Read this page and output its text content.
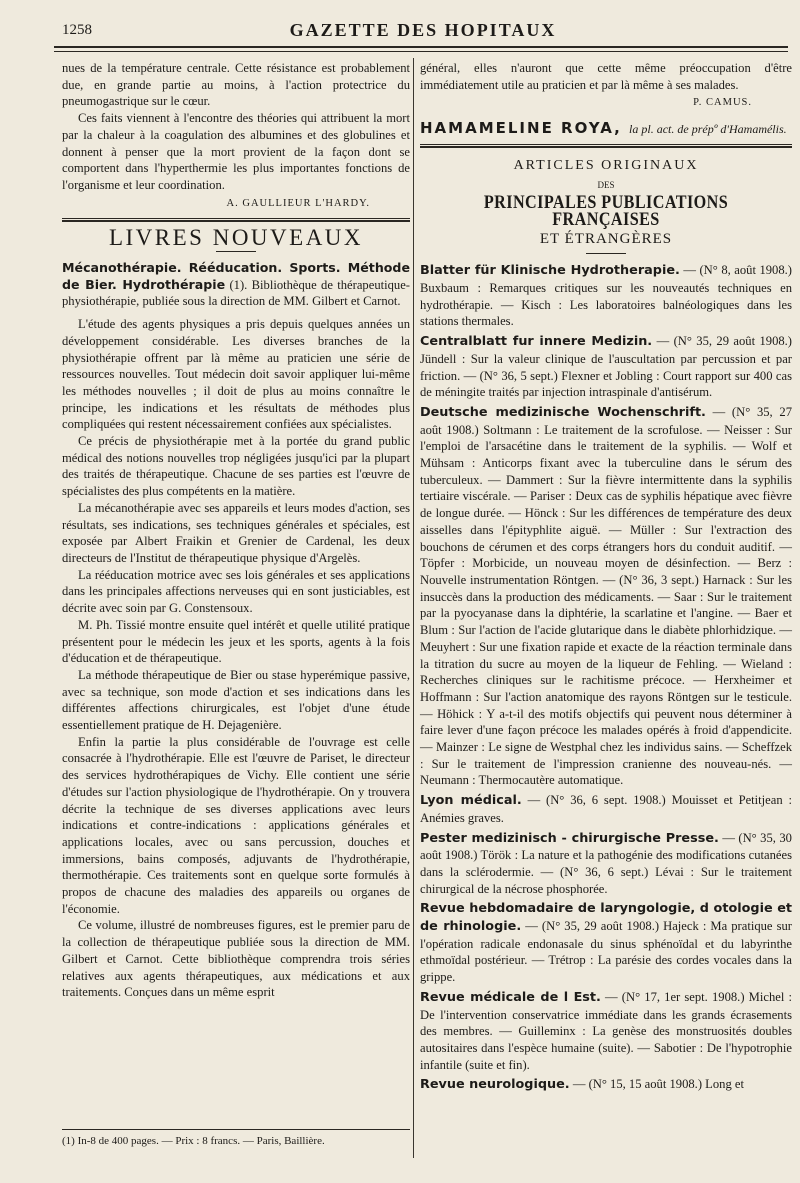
1258	GAZETTE DES HOPITAUX

nues de la température centrale. Cette résistance est probablement due, en grande partie au moins, à l'action protectrice du pneumogastrique sur le cœur.

Ces faits viennent à l'encontre des théories qui attribuent la mort par la chaleur à la coagulation des albumines et des globulines et donnent à penser que la mort provient de la façon dont se comportent dans l'hyperthermie les plus importantes fonctions de l'organisme et leur coordination.

A. GAULLIEUR L'HARDY.
LIVRES NOUVEAUX

Mécanothérapie. Rééducation. Sports. Méthode de Bier. Hydrothérapie (1). Bibliothèque de thérapeutique-physiothérapie, publiée sous la direction de MM. Gilbert et Carnot.

L'étude des agents physiques a pris depuis quelques années un développement considérable. Les diverses branches de la physiothérapie offrent par là même au praticien une série de ressources nouvelles. Tout médecin doit savoir appliquer lui-même les méthodes nouvelles ; il doit de plus au moins connaître le principe, les indications et les résultats de méthodes plus compliquées qui restent nécessairement confiées aux spécialistes.

Ce précis de physiothérapie met à la portée du grand public médical des notions nouvelles trop négligées jusqu'ici par la plupart des traités de thérapeutique. Chacune de ses parties est l'œuvre de spécialistes des plus compétents en la matière.

La mécanothérapie avec ses appareils et leurs modes d'action, ses résultats, ses indications, ses techniques générales et spéciales, est exposée par Albert Fraikin et Grenier de Cardenal, les deux directeurs de l'Institut de thérapeutique physique d'Argelès.

La rééducation motrice avec ses lois générales et ses applications dans les principales affections nerveuses qui en sont justiciables, est décrite avec soin par G. Constensoux.

M. Ph. Tissié montre ensuite quel intérêt et quelle utilité pratique présentent pour le médecin les jeux et les sports, agents à la fois d'éducation et de thérapeutique.

La méthode thérapeutique de Bier ou stase hyperémique passive, avec sa technique, son mode d'action et ses indications dans les différentes affections chirurgicales, est l'objet d'une étude essentiellement pratique de H. Dejagenière.

Enfin la partie la plus considérable de l'ouvrage est celle consacrée à l'hydrothérapie. Elle est l'œuvre de Pariset, le directeur des services hydrothérapiques de Vichy. Elle contient une série d'études sur l'action physiologique de l'hydrothérapie. On y trouvera décrite la technique de ses diverses applications avec leurs indications et contre-indications : applications générales et applications locales, avec ou sans percussion, douches et immersions, bains composés, adjuvants de l'hydrothérapie, thermothérapie. Ces traitements sont en quelque sorte formulés à propos de chacune des maladies des appareils ou organes de l'économie.

Ce volume, illustré de nombreuses figures, est le premier paru de la collection de thérapeutique publiée sous la direction de MM. Gilbert et Carnot. Cette bibliothèque comprendra trois séries relatives aux agents thérapeutiques, aux médications et aux traitements. Conçues dans un même esprit

(1) In-8 de 400 pages. — Prix : 8 francs. — Paris, Baillière.

général, elles n'auront que cette même préoccupation d'être immédiatement utile au praticien et par là même à ses malades.

P. CAMUS.
HAMAMELINE ROYA, la pl. act. de prépº d'Hamamélis.
ARTICLES ORIGINAUX
DES
PRINCIPALES PUBLICATIONS FRANÇAISES
ET ÉTRANGÈRES

Blatter für Klinische Hydrotherapie. — (N° 8, août 1908.) Buxbaum : Remarques critiques sur les nouveautés techniques en hydrothérapie. — Kisch : Les laboratoires balnéologiques dans les stations thermales.

Centralblatt fur innere Medizin. — (N° 35, 29 août 1908.) Jündell : Sur la valeur clinique de l'auscultation par percussion et par friction. — (N° 36, 5 sept.) Flexner et Jobling : Court rapport sur 400 cas de méningite traités par injection intraspinale d'antisérum.

Deutsche medizinische Wochenschrift. — (N° 35, 27 août 1908.) Soltmann : Le traitement de la scrofulose. — Neisser : Sur l'emploi de l'arsacétine dans le traitement de la syphilis. — Wolf et Mühsam : Anticorps fixant avec la tuberculine dans le sérum des tuberculeux. — Dammert : Sur la fièvre intermittente dans la syphilis tertiaire viscérale. — Pariser : Deux cas de syphilis hépatique avec fièvre de longue durée. — Hönck : Sur les différences de température des deux aisselles dans l'épityphlite aiguë. — Müller : Sur l'extraction des bouchons de cérumen et des corps étrangers hors du conduit auditif. — Töpfer : Morbicide, un nouveau moyen de désinfection. — Berz : Nouvelle instrumentation Röntgen. — (N° 36, 3 sept.) Harnack : Sur les insuccès dans la production des médicaments. — Saar : Sur le traitement par la pyocyanase dans la diphtérie, la scarlatine et l'angine. — Baer et Blum : Sur l'action de l'acide glutarique dans le diabète phlorhidzique. — Meuyhert : Sur une fixation rapide et exacte de la réaction terminale dans la titration du sucre au moyen de la liqueur de Fehling. — Wieland : Recherches cliniques sur le rachitisme précoce. — Herxheimer et Hoffmann : Sur l'action anatomique des rayons Röntgen sur le testicule. — Höhick : Y a-t-il des motifs objectifs qui peuvent nous déterminer à faire lever d'une façon précoce les malades opérés à froid d'appendicite. — Mainzer : Le signe de Westphal chez les individus sains. — Scheffzek : Sur le traitement de l'impression cranienne des nouveau-nés. — Neumann : Thermocautère automatique.

Lyon médical. — (N° 36, 6 sept. 1908.) Mouisset et Petitjean : Anémies graves.

Pester medizinisch - chirurgische Presse. — (N° 35, 30 août 1908.) Török : La nature et la pathogénie des modifications cutanées dans la sclérodermie. — (N° 36, 6 sept.) Lévai : Sur le traitement chirurgical de la nécrose phosphorée.

Revue hebdomadaire de laryngologie, d otologie et de rhinologie. — (N° 35, 29 août 1908.) Hajeck : Ma pratique sur l'opération radicale endonasale du sinus sphénoïdal et du labyrinthe ethmoïdal postérieur. — Trétrop : La parésie des cordes vocales dans la grippe.

Revue médicale de l Est. — (N° 17, 1er sept. 1908.) Michel : De l'intervention conservatrice immédiate dans les grands écrasements des membres. — Guilleminx : La genèse des monstruosités doubles autositaires dans l'espèce humaine (suite). — Sabotier : De l'hypotrophie infantile (suite et fin).

Revue neurologique. — (N° 15, 15 août 1908.) Long et
